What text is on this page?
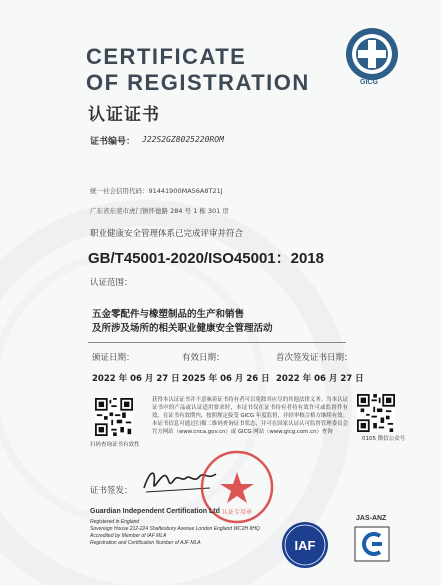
GICG
CERTIFICATE
OF REGISTRATION
认证证书
证书编号： J22S2GZ8025220ROM
统一社会信用代码：91441900MA56A8T21J
广东省东莞市虎门镇怀德路 284 号 1 栋 301 房
职业健康安全管理体系已完成评审并符合
GB/T45001-2020/ISO45001：2018
认证范围：
五金零配件与橡塑制品的生产和销售
及所涉及场所的相关职业健康安全管理活动
颁证日期：	有效日期：	首次签发证书日期：
2022 年 06 月 27 日 2025 年 06 月 26 日 2022 年 06 月 27 日
扫码查询证书有效性
0105 微信公众号
获得本认证证书并不意味着证书持有者可以免除其应尽的其他法律义务。当本认证证书中的产品或认证适用要求时，本证书仅在证书持有者持有效许可或监督件有效。在证书有效期内，按照规定接受 GICG 年度监督，并经审核合格方继续有效。本证书信息可通过扫描二维码查询证书状态，并可在国家认证认可监督管理委员会官方网站（www.cnca.gov.cn）或 GICG 网站（www.gicg.com.cn）查询
证书签发：
认证专用章
Guardian Independent Certification Ltd
Registered in England
Sovereign House 212-224 Shaftesbury Avenue London England WC2H 8HQ
Accredited by Member of IAF MLA
Registration and Certification Number of AJF MLA	IAF
JAS-ANZ
